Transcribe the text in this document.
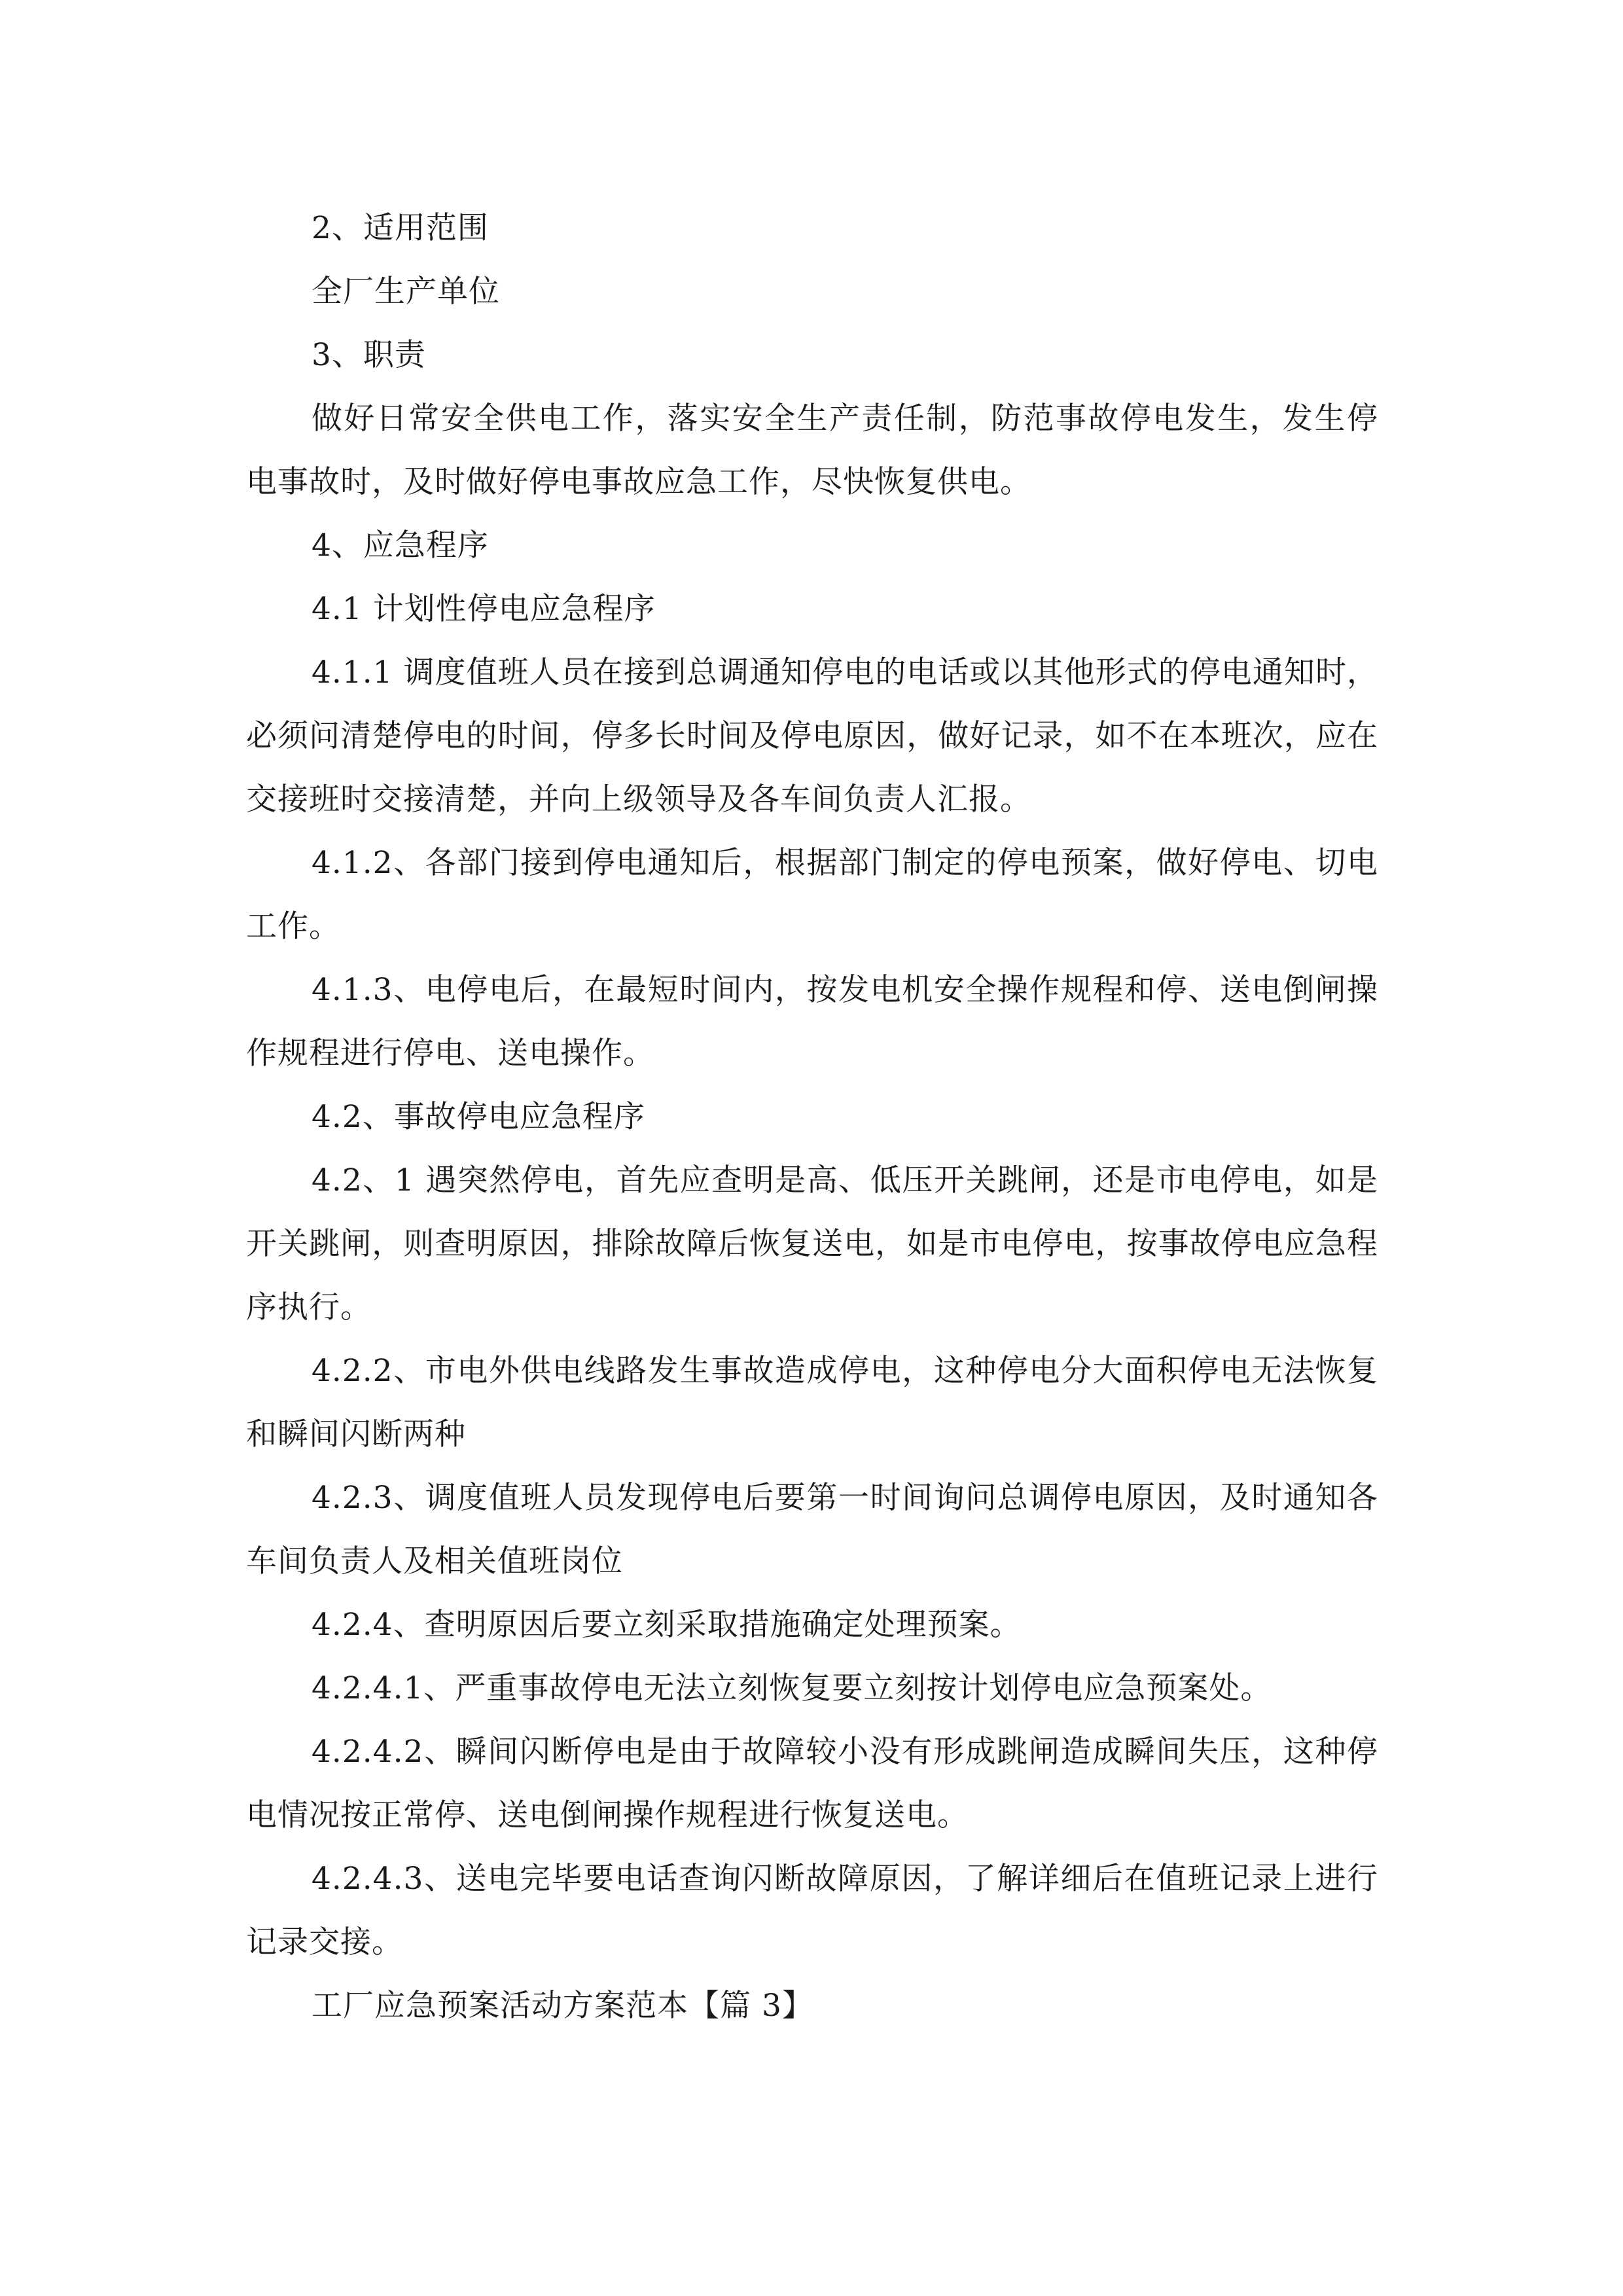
2、适用范围

全厂生产单位

3、职责

做好日常安全供电工作，落实安全生产责任制，防范事故停电发生，发生停电事故时，及时做好停电事故应急工作，尽快恢复供电。

4、应急程序

4.1 计划性停电应急程序

4.1.1 调度值班人员在接到总调通知停电的电话或以其他形式的停电通知时，必须问清楚停电的时间，停多长时间及停电原因，做好记录，如不在本班次，应在交接班时交接清楚，并向上级领导及各车间负责人汇报。

4.1.2、各部门接到停电通知后，根据部门制定的停电预案，做好停电、切电工作。

4.1.3、电停电后，在最短时间内，按发电机安全操作规程和停、送电倒闸操作规程进行停电、送电操作。

4.2、事故停电应急程序

4.2、1 遇突然停电，首先应查明是高、低压开关跳闸，还是市电停电，如是开关跳闸，则查明原因，排除故障后恢复送电，如是市电停电，按事故停电应急程序执行。

4.2.2、市电外供电线路发生事故造成停电，这种停电分大面积停电无法恢复和瞬间闪断两种

4.2.3、调度值班人员发现停电后要第一时间询问总调停电原因，及时通知各车间负责人及相关值班岗位

4.2.4、查明原因后要立刻采取措施确定处理预案。

4.2.4.1、严重事故停电无法立刻恢复要立刻按计划停电应急预案处。

4.2.4.2、瞬间闪断停电是由于故障较小没有形成跳闸造成瞬间失压，这种停电情况按正常停、送电倒闸操作规程进行恢复送电。

4.2.4.3、送电完毕要电话查询闪断故障原因，了解详细后在值班记录上进行记录交接。

工厂应急预案活动方案范本【篇 3】
